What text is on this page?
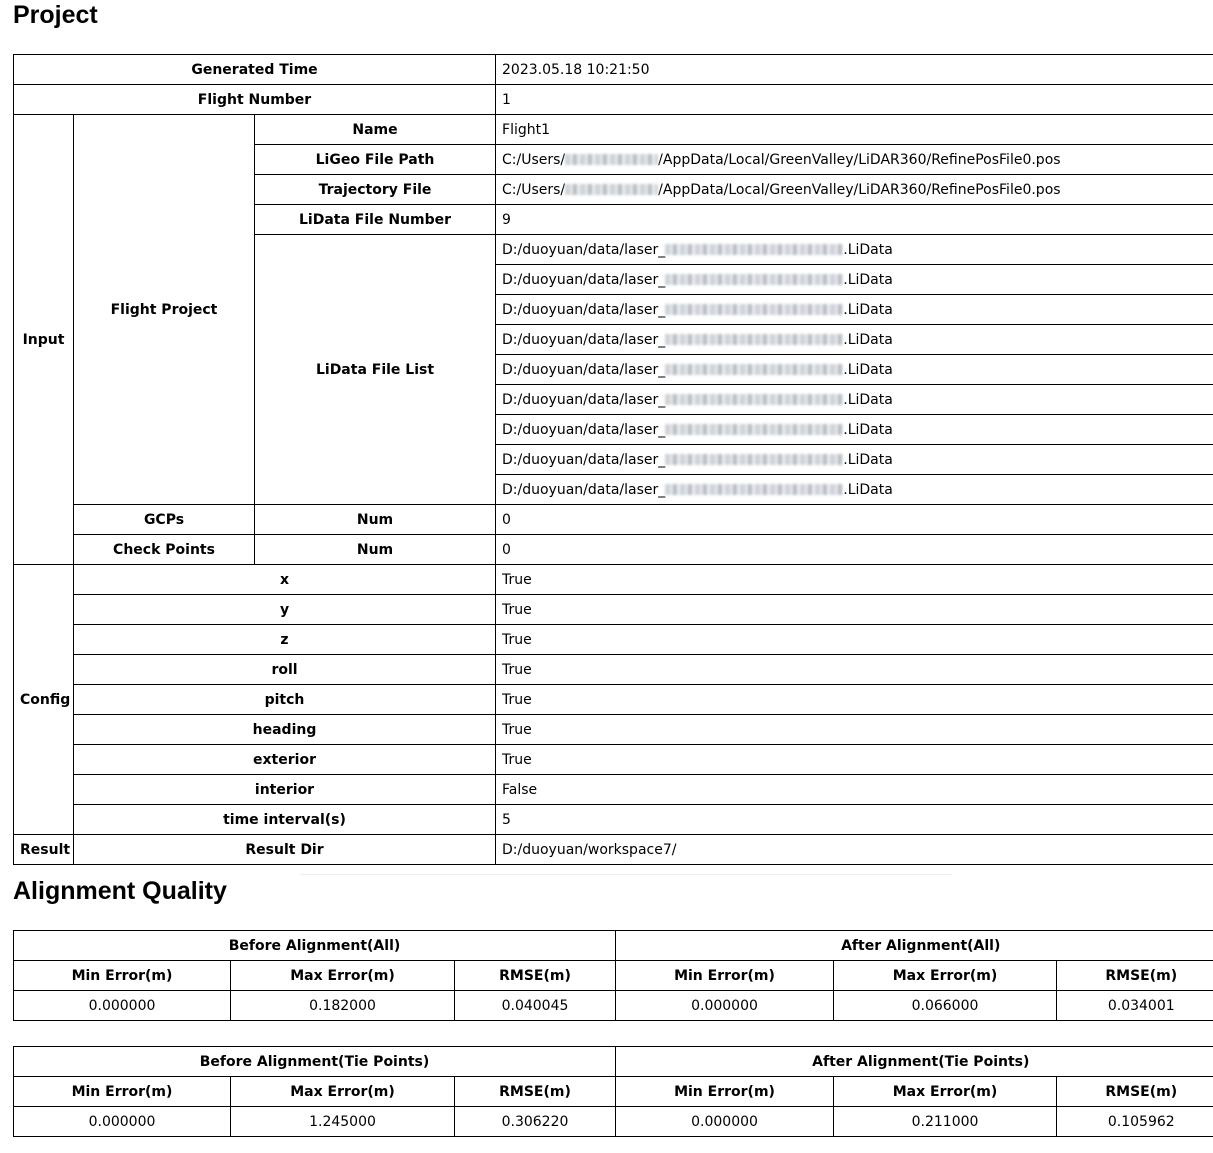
Project
Generated Time			2023.05.18 10:21:50
Flight Number			1
Input	Flight Project	Name	Flight1
		LiGeo File Path	C:/Users/ /AppData/Local/GreenValley/LiDAR360/RefinePosFile0.pos
		Trajectory File	C:/Users/ /AppData/Local/GreenValley/LiDAR360/RefinePosFile0.pos
		LiData File Number	9
		LiData File List	D:/duoyuan/data/laser_ .LiData
			D:/duoyuan/data/laser_ .LiData
			D:/duoyuan/data/laser_ .LiData
			D:/duoyuan/data/laser_ .LiData
			D:/duoyuan/data/laser_ .LiData
			D:/duoyuan/data/laser_ .LiData
			D:/duoyuan/data/laser_ .LiData
			D:/duoyuan/data/laser_ .LiData
			D:/duoyuan/data/laser_ .LiData
	GCPs	Num	0
	Check Points	Num	0
Config	x		True
	y		True
	z		True
	roll		True
	pitch		True
	heading		True
	exterior		True
	interior		False
	time interval(s)		5
Result	Result Dir		D:/duoyuan/workspace7/
Alignment Quality
Before Alignment(All)			After Alignment(All)		
Min Error(m)	Max Error(m)	RMSE(m)	Min Error(m)	Max Error(m)	RMSE(m)
0.000000	0.182000	0.040045	0.000000	0.066000	0.034001
Before Alignment(Tie Points)			After Alignment(Tie Points)		
Min Error(m)	Max Error(m)	RMSE(m)	Min Error(m)	Max Error(m)	RMSE(m)
0.000000	1.245000	0.306220	0.000000	0.211000	0.105962
